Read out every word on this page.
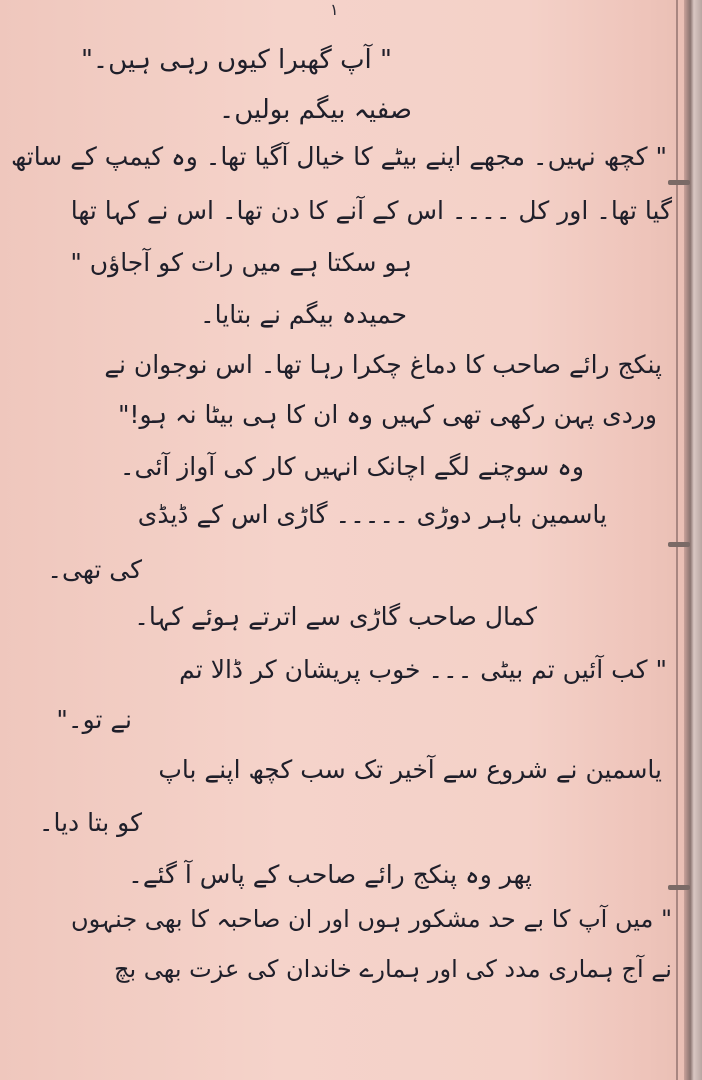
۱
" آپ گھبرا کیوں رہی ہیں۔"
صفیہ بیگم بولیں۔
" کچھ نہیں۔ مجھے اپنے بیٹے کا خیال آگیا تھا۔ وہ کیمپ کے ساتھ
گیا تھا۔ اور کل ۔۔۔۔ اس کے آنے کا دن تھا۔ اس نے کہا تھا
ہو سکتا ہے میں رات کو آجاؤں "
حمیدہ بیگم نے بتایا۔
پنکج رائے صاحب کا دماغ چکرا رہا تھا۔ اس نوجوان نے
وردی پہن رکھی تھی کہیں وہ ان کا ہی بیٹا نہ ہو!"
وہ سوچنے لگے اچانک انہیں کار کی آواز آئی۔
یاسمین باہر دوڑی ۔۔۔۔۔ گاڑی اس کے ڈیڈی
کی تھی۔
کمال صاحب گاڑی سے اترتے ہوئے کہا۔
" کب آئیں تم بیٹی ۔۔۔ خوب پریشان کر ڈالا تم
نے تو۔"
یاسمین نے شروع سے آخیر تک سب کچھ اپنے باپ
کو بتا دیا۔
پھر وہ پنکج رائے صاحب کے پاس آ گئے۔
" میں آپ کا بے حد مشکور ہوں اور ان صاحبہ کا بھی جنہوں
نے آج ہماری مدد کی اور ہمارے خاندان کی عزت بھی بچ
